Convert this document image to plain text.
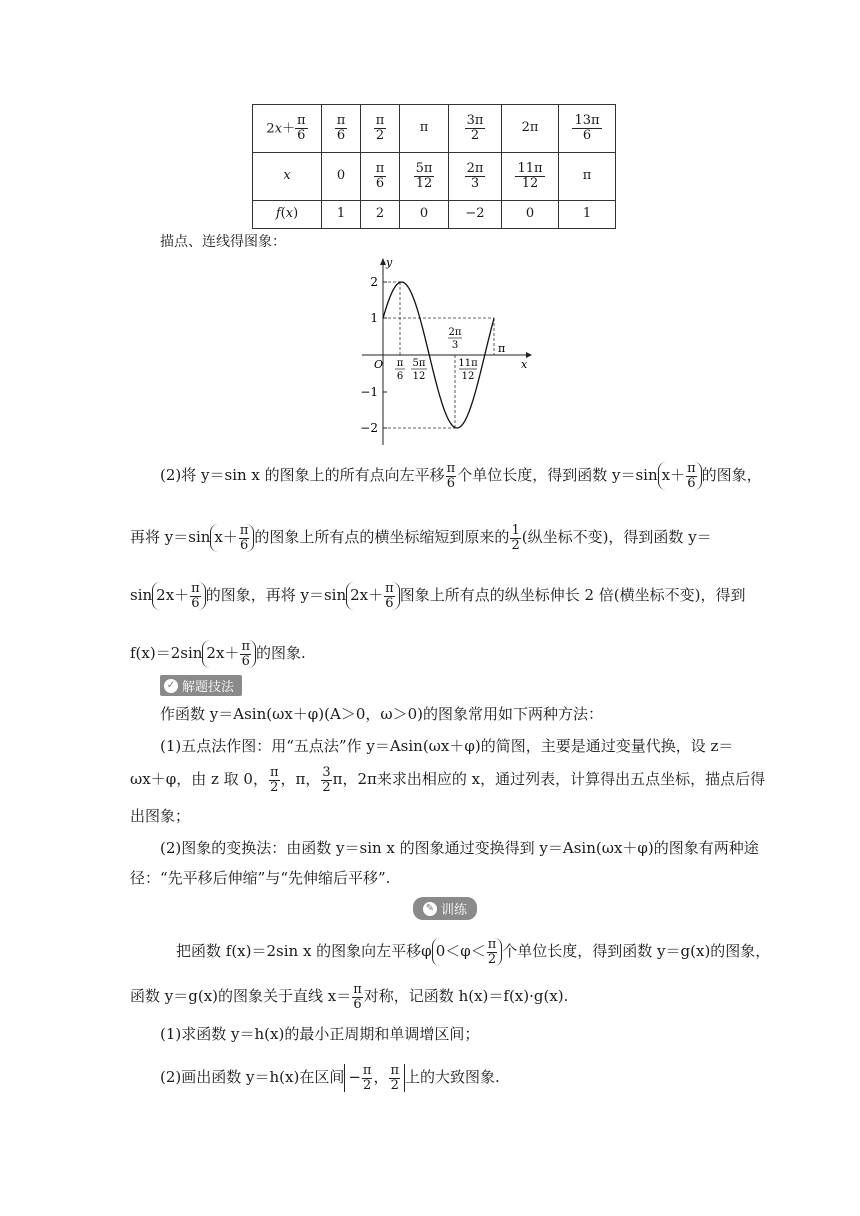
$2x+ \frac{\pi}{6}$	$\frac{\pi}{6}$	$\frac{\pi}{2}$	π	$\frac{3\pi}{2}$	2π	$\frac{13\pi}{6}$

x	0	$\frac{\pi}{6}$	$\frac{5\pi}{12}$	$\frac{2\pi}{3}$	$\frac{11\pi}{12}$	π
f(x)	1	2	0	−2	0	1
描点、连线得图象：
2
1
−1
−2
O	x
y
π
6
5π
12
2π
3
11π
12
π
(2)将 y＝sin x 的图象上的所有点向左平移 $\frac{\pi}{6}$ 个单位长度，得到函数 y＝sin $x+ \frac{\pi}{6}$ 的图象，
再将 y＝sin $x+ \frac{\pi}{6}$ 的图象上所有点的横坐标缩短到原来的 $\frac{1}{2}$ (纵坐标不变)，得到函数 y＝
$\sin 2x+ \frac{\pi}{6}$ 的图象，再将 y＝sin $2x+ \frac{\pi}{6}$ 图象上所有点的纵坐标伸长 2 倍(横坐标不变)，得到
f(x)＝2sin $2x+ \frac{\pi}{6}$ 的图象.
✓ 解题技法
作函数 y＝Asin(ωx＋φ)(A＞0，ω＞0)的图象常用如下两种方法：
(1)五点法作图：用“五点法”作 y＝Asin(ωx＋φ)的简图，主要是通过变量代换，设 z＝
ωx＋φ，由 z 取 0， $\frac{\pi}{2}$ ，π， $\frac{3}{2}$ π，2π来求出相应的 x，通过列表，计算得出五点坐标，描点后得
出图象；
(2)图象的变换法：由函数 y＝sin x 的图象通过变换得到 y＝Asin(ωx＋φ)的图象有两种途
径：“先平移后伸缩”与“先伸缩后平移”.
✎ 训练
把函数 f(x)＝2sin x 的图象向左平移φ $0<\varphi< \frac{\pi}{2}$ 个单位长度，得到函数 y＝g(x)的图象，
函数 y＝g(x)的图象关于直线 $x= \frac{\pi}{6}$ 对称，记函数 h(x)＝f(x)·g(x).
(1)求函数 y＝h(x)的最小正周期和单调增区间；
(2)画出函数 y＝h(x)在区间 − $\frac{\pi}{2}$ ， $\frac{\pi}{2}$ 上的大致图象.
